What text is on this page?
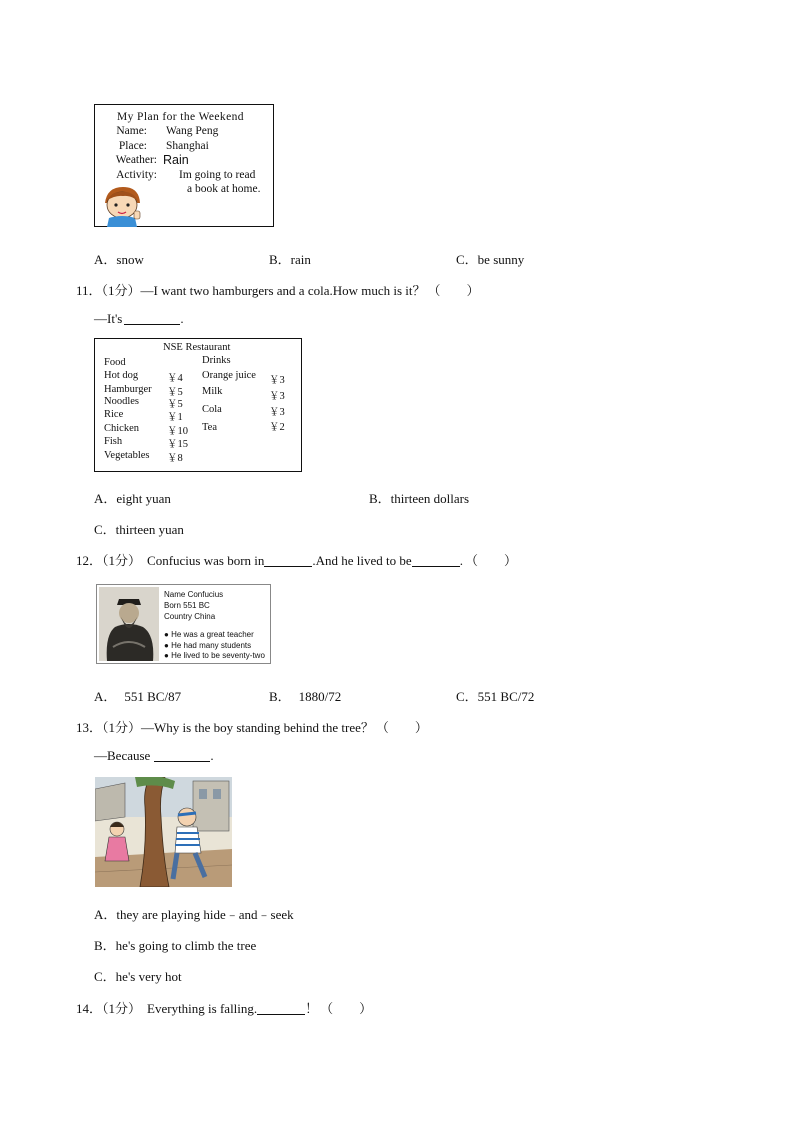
My Plan for the Weekend
Name: Wang Peng
Place: Shanghai
Weather: Rain
Activity: Im going to read
a book at home.
A．snow	B．rain	C．be sunny
11．（1分）—I want two hamburgers and a cola.How much is it？ （　　）
—It's	.
NSE Restaurant
Food	Drinks
Hot dog	￥4
Hamburger ￥5
Noodles	￥5
Rice	￥1
Chicken	￥10
Fish	￥15
Vegetables ￥8
Orange juice ￥3
Milk	￥3
Cola	￥3
Tea	￥2
A．eight yuan	B．thirteen dollars
C．thirteen yuan
12．（1分） Confucius was born in	.And he lived to be	. （　　）
Name Confucius
Born 551 BC
Country China
● He was a great teacher
● He had many students
● He lived to be seventy-two
A． 551 BC/87	B． 1880/72	C．551 BC/72
13．（1分）—Why is the boy standing behind the tree？ （　　）
—Because	.
A．they are playing hide﹣and﹣seek
B．he's going to climb the tree
C．he's very hot
14．（1分） Everything is falling.	！ （　　）
